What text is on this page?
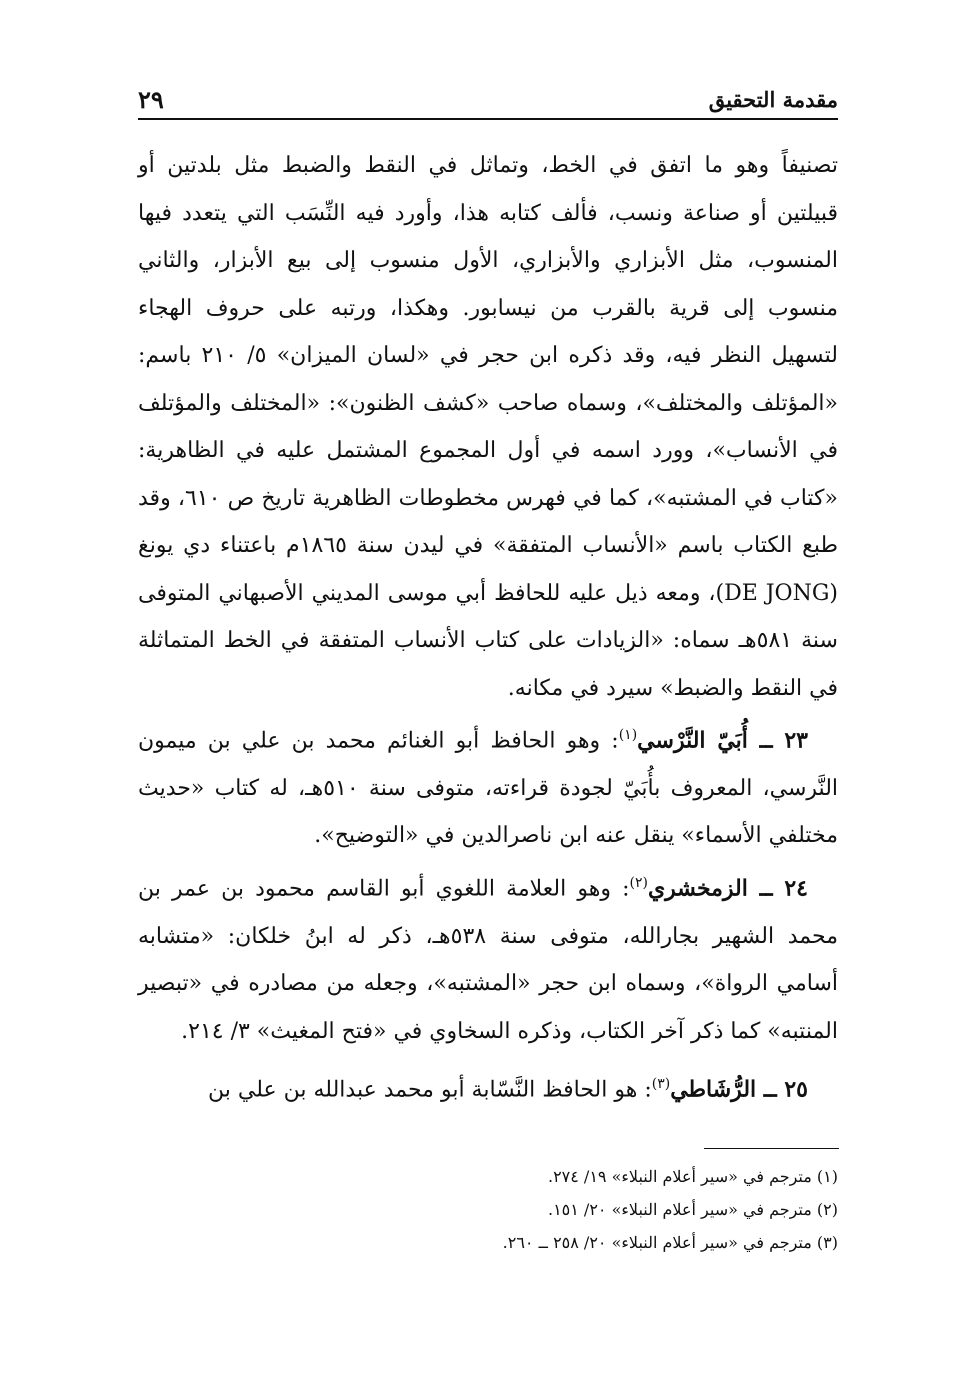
مقدمة التحقيق
٢٩

تصنيفاً وهو ما اتفق في الخط، وتماثل في النقط والضبط مثل بلدتين أو قبيلتين أو صناعة ونسب، فألف كتابه هذا، وأورد فيه النِّسَب التي يتعدد فيها المنسوب، مثل الأبزاري والأبزاري، الأول منسوب إلى بيع الأبزار، والثاني منسوب إلى قرية بالقرب من نيسابور. وهكذا، ورتبه على حروف الهجاء لتسهيل النظر فيه، وقد ذكره ابن حجر في «لسان الميزان» ٥/ ٢١٠ باسم: «المؤتلف والمختلف»، وسماه صاحب «كشف الظنون»: «المختلف والمؤتلف في الأنساب»، وورد اسمه في أول المجموع المشتمل عليه في الظاهرية: «كتاب في المشتبه»، كما في فهرس مخطوطات الظاهرية تاريخ ص ٦١٠، وقد طبع الكتاب باسم «الأنساب المتفقة» في ليدن سنة ١٨٦٥م باعتناء دي يونغ (DE JONG)، ومعه ذيل عليه للحافظ أبي موسى المديني الأصبهاني المتوفى سنة ٥٨١هـ سماه: «الزيادات على كتاب الأنساب المتفقة في الخط المتماثلة في النقط والضبط» سيرد في مكانه.

٢٣ ــ أُبَيّ النَّرْسي$^{(١)}$: وهو الحافظ أبو الغنائم محمد بن علي بن ميمون النَّرسي، المعروف بأُبَيّ لجودة قراءته، متوفى سنة ٥١٠هـ، له كتاب «حديث مختلفي الأسماء» ينقل عنه ابن ناصرالدين في «التوضيح».

٢٤ ــ الزمخشري$^{(٢)}$: وهو العلامة اللغوي أبو القاسم محمود بن عمر بن محمد الشهير بجارالله، متوفى سنة ٥٣٨هـ، ذكر له ابنُ خلكان: «متشابه أسامي الرواة»، وسماه ابن حجر «المشتبه»، وجعله من مصادره في «تبصير المنتبه» كما ذكر آخر الكتاب، وذكره السخاوي في «فتح المغيث» ٣/ ٢١٤.

٢٥ ــ الرُّشَاطي$^{(٣)}$: هو الحافظ النَّسّابة أبو محمد عبدالله بن علي بن

(١) مترجم في «سير أعلام النبلاء» ١٩/ ٢٧٤.
(٢) مترجم في «سير أعلام النبلاء» ٢٠/ ١٥١.
(٣) مترجم في «سير أعلام النبلاء» ٢٠/ ٢٥٨ ــ ٢٦٠.
